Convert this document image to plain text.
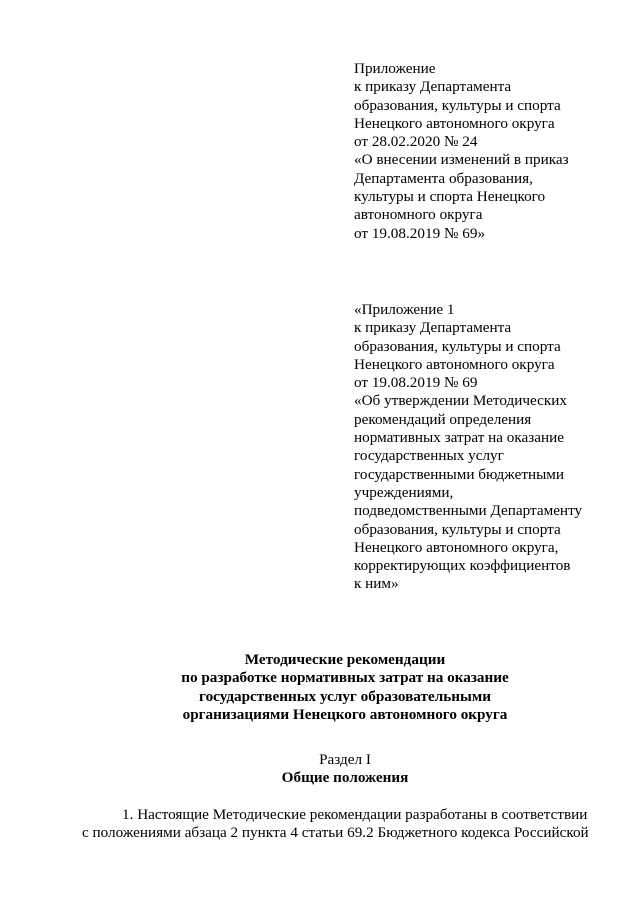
Приложение
к приказу Департамента
образования, культуры и спорта
Ненецкого автономного округа
от 28.02.2020 № 24
«О внесении изменений в приказ
Департамента образования,
культуры и спорта Ненецкого
автономного округа
от 19.08.2019 № 69»
«Приложение 1
к приказу Департамента
образования, культуры и спорта
Ненецкого автономного округа
от 19.08.2019 № 69
«Об утверждении Методических
рекомендаций определения
нормативных затрат на оказание
государственных услуг
государственными бюджетными
учреждениями,
подведомственными Департаменту
образования, культуры и спорта
Ненецкого автономного округа,
корректирующих коэффициентов
к ним»
Методические рекомендации
по разработке нормативных затрат на оказание
государственных услуг образовательными
организациями Ненецкого автономного округа
Раздел I
Общие положения
1. Настоящие Методические рекомендации разработаны в соответствии
с положениями абзаца 2 пункта 4 статьи 69.2 Бюджетного кодекса Российской
